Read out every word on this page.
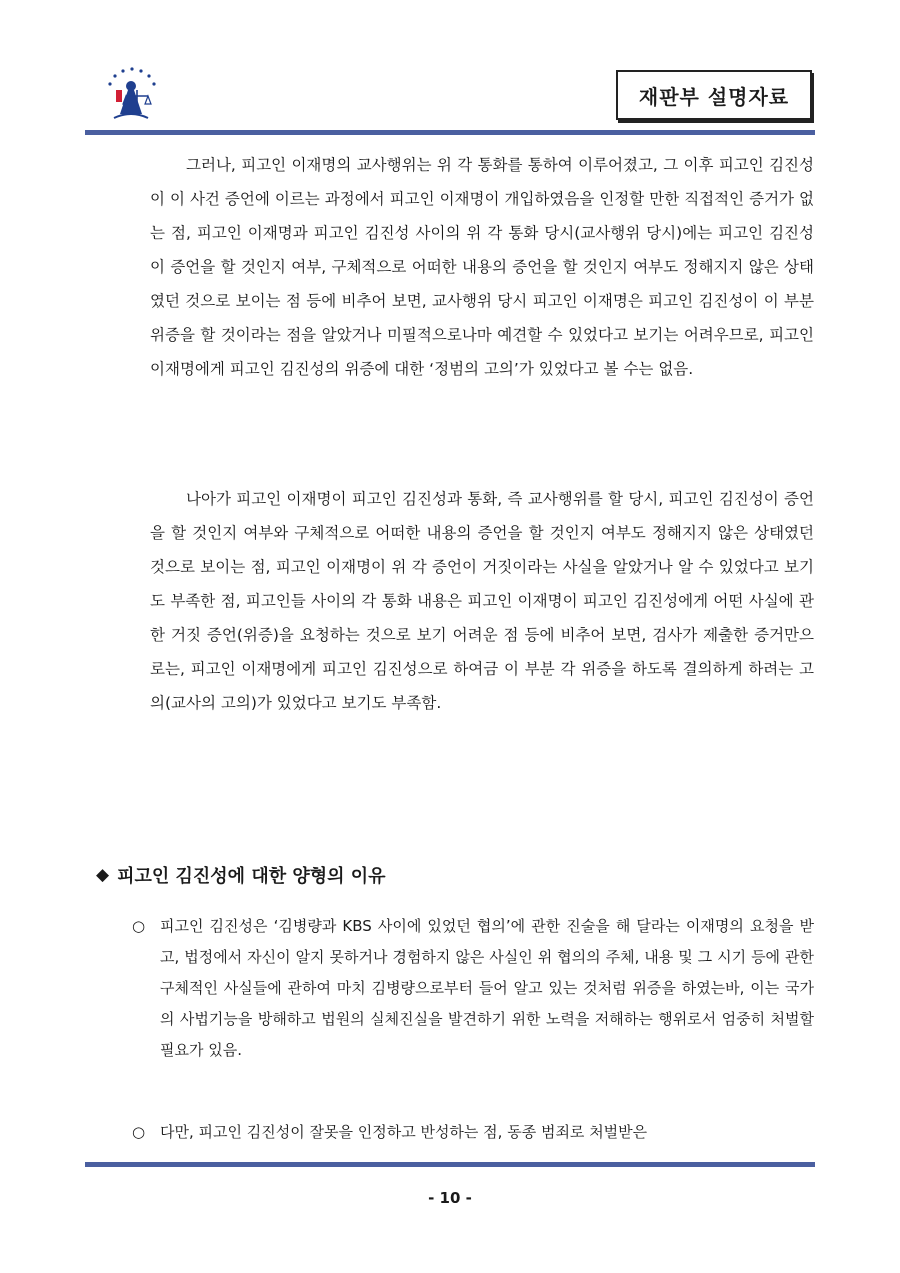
재판부 설명자료

그러나, 피고인 이재명의 교사행위는 위 각 통화를 통하여 이루어졌고, 그 이후 피고인 김진성이 이 사건 증언에 이르는 과정에서 피고인 이재명이 개입하였음을 인정할 만한 직접적인 증거가 없는 점, 피고인 이재명과 피고인 김진성 사이의 위 각 통화 당시(교사행위 당시)에는 피고인 김진성이 증언을 할 것인지 여부, 구체적으로 어떠한 내용의 증언을 할 것인지 여부도 정해지지 않은 상태였던 것으로 보이는 점 등에 비추어 보면, 교사행위 당시 피고인 이재명은 피고인 김진성이 이 부분 위증을 할 것이라는 점을 알았거나 미필적으로나마 예견할 수 있었다고 보기는 어려우므로, 피고인 이재명에게 피고인 김진성의 위증에 대한 ‘정범의 고의’가 있었다고 볼 수는 없음.

나아가 피고인 이재명이 피고인 김진성과 통화, 즉 교사행위를 할 당시, 피고인 김진성이 증언을 할 것인지 여부와 구체적으로 어떠한 내용의 증언을 할 것인지 여부도 정해지지 않은 상태였던 것으로 보이는 점, 피고인 이재명이 위 각 증언이 거짓이라는 사실을 알았거나 알 수 있었다고 보기도 부족한 점, 피고인들 사이의 각 통화 내용은 피고인 이재명이 피고인 김진성에게 어떤 사실에 관한 거짓 증언(위증)을 요청하는 것으로 보기 어려운 점 등에 비추어 보면, 검사가 제출한 증거만으로는, 피고인 이재명에게 피고인 김진성으로 하여금 이 부분 각 위증을 하도록 결의하게 하려는 고의(교사의 고의)가 있었다고 보기도 부족함.

◆ 피고인 김진성에 대한 양형의 이유

○ 피고인 김진성은 ‘김병량과 KBS 사이에 있었던 협의’에 관한 진술을 해 달라는 이재명의 요청을 받고, 법정에서 자신이 알지 못하거나 경험하지 않은 사실인 위 협의의 주체, 내용 및 그 시기 등에 관한 구체적인 사실들에 관하여 마치 김병량으로부터 들어 알고 있는 것처럼 위증을 하였는바, 이는 국가의 사법기능을 방해하고 법원의 실체진실을 발견하기 위한 노력을 저해하는 행위로서 엄중히 처벌할 필요가 있음.

○ 다만, 피고인 김진성이 잘못을 인정하고 반성하는 점, 동종 범죄로 처벌받은

- 10 -
